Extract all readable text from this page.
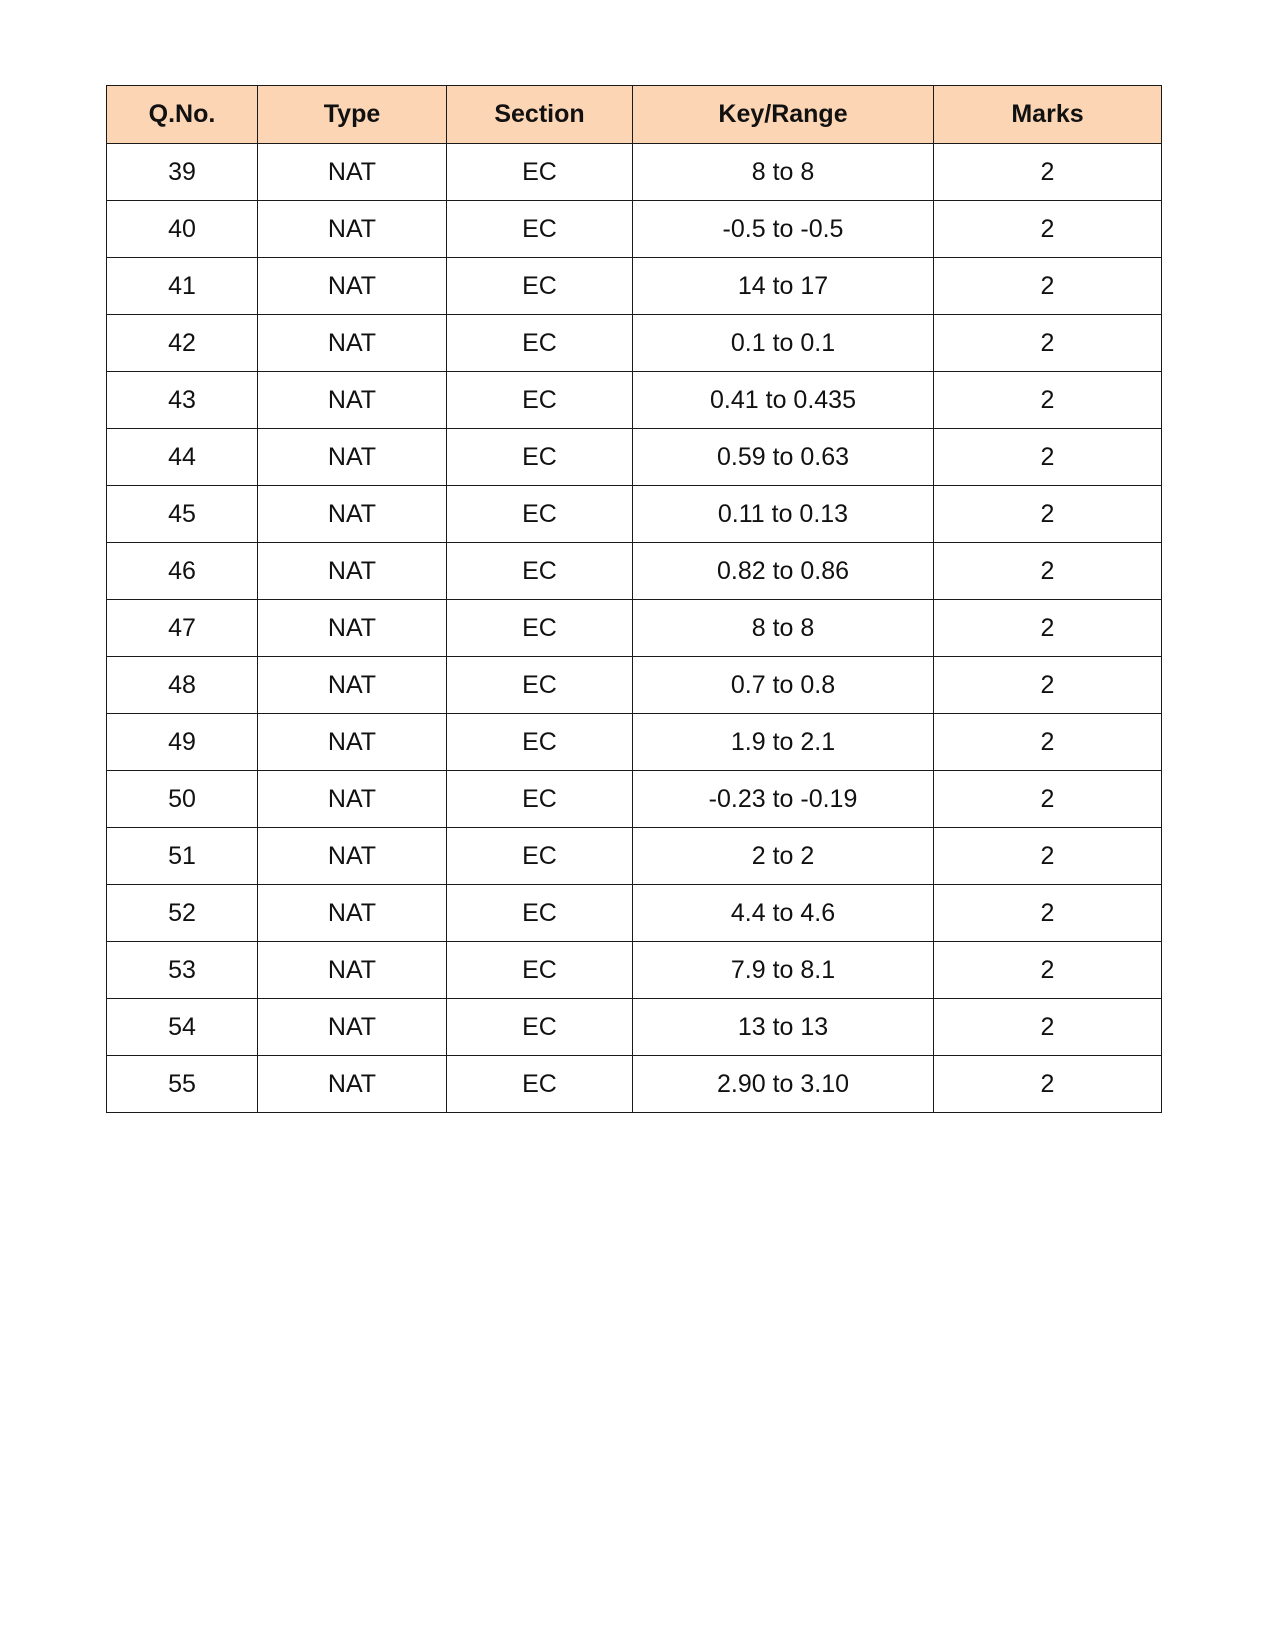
Q.No.	Type	Section	Key/Range	Marks
39	NAT	EC	8 to 8	2
40	NAT	EC	-0.5 to -0.5	2
41	NAT	EC	14 to 17	2
42	NAT	EC	0.1 to 0.1	2
43	NAT	EC	0.41 to 0.435	2
44	NAT	EC	0.59 to 0.63	2
45	NAT	EC	0.11 to 0.13	2
46	NAT	EC	0.82 to 0.86	2
47	NAT	EC	8 to 8	2
48	NAT	EC	0.7 to 0.8	2
49	NAT	EC	1.9 to 2.1	2
50	NAT	EC	-0.23 to -0.19	2
51	NAT	EC	2 to 2	2
52	NAT	EC	4.4 to 4.6	2
53	NAT	EC	7.9 to 8.1	2
54	NAT	EC	13 to 13	2
55	NAT	EC	2.90 to 3.10	2
